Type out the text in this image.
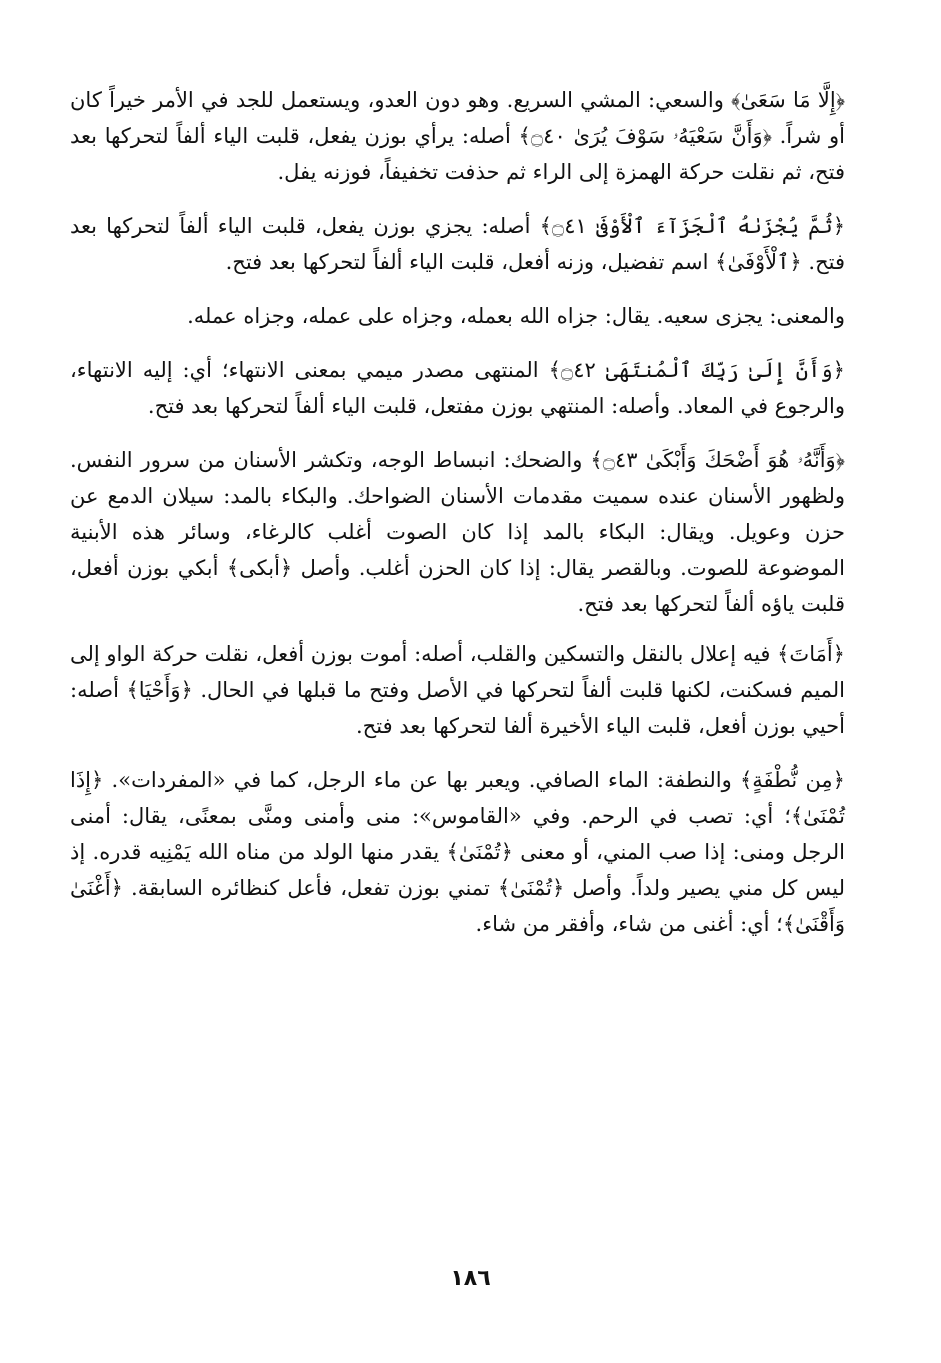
﴿إِلَّا مَا سَعَىٰ﴾ والسعي: المشي السريع. وهو دون العدو، ويستعمل للجد في الأمر خيراً كان أو شراً. ﴿وَأَنَّ سَعْيَهُۥ سَوْفَ يُرَىٰ ۝٤٠﴾ أصله: يرأي بوزن يفعل، قلبت الياء ألفاً لتحركها بعد فتح، ثم نقلت حركة الهمزة إلى الراء ثم حذفت تخفيفاً، فوزنه يفل.

﴿ثُمَّ يُجْزَىٰهُ ٱلْجَزَآءَ ٱلْأَوْفَىٰ ۝٤١﴾ أصله: يجزي بوزن يفعل، قلبت الياء ألفاً لتحركها بعد فتح. ﴿ٱلْأَوْفَىٰ﴾ اسم تفضيل، وزنه أفعل، قلبت الياء ألفاً لتحركها بعد فتح.

والمعنى: يجزى سعيه. يقال: جزاه الله بعمله، وجزاه على عمله، وجزاه عمله.

﴿وَأَنَّ إِلَىٰ رَبِّكَ ٱلْمُنتَهَىٰ ۝٤٢﴾ المنتهى مصدر ميمي بمعنى الانتهاء؛ أي: إليه الانتهاء، والرجوع في المعاد. وأصله: المنتهي بوزن مفتعل، قلبت الياء ألفاً لتحركها بعد فتح.

﴿وَأَنَّهُۥ هُوَ أَضْحَكَ وَأَبْكَىٰ ۝٤٣﴾ والضحك: انبساط الوجه، وتكشر الأسنان من سرور النفس. ولظهور الأسنان عنده سميت مقدمات الأسنان الضواحك. والبكاء بالمد: سيلان الدمع عن حزن وعويل. ويقال: البكاء بالمد إذا كان الصوت أغلب كالرغاء، وسائر هذه الأبنية الموضوعة للصوت. وبالقصر يقال: إذا كان الحزن أغلب. وأصل ﴿أبكى﴾ أبكي بوزن أفعل، قلبت ياؤه ألفاً لتحركها بعد فتح.

﴿أَمَاتَ﴾ فيه إعلال بالنقل والتسكين والقلب، أصله: أموت بوزن أفعل، نقلت حركة الواو إلى الميم فسكنت، لكنها قلبت ألفاً لتحركها في الأصل وفتح ما قبلها في الحال. ﴿وَأَحْيَا﴾ أصله: أحيي بوزن أفعل، قلبت الياء الأخيرة ألفا لتحركها بعد فتح.

﴿مِن نُّطْفَةٍ﴾ والنطفة: الماء الصافي. ويعبر بها عن ماء الرجل، كما في «المفردات». ﴿إِذَا تُمْنَىٰ﴾؛ أي: تصب في الرحم. وفي «القاموس»: منى وأمنى ومنَّى بمعنًى، يقال: أمنى الرجل ومنى: إذا صب المني، أو معنى ﴿تُمْنَىٰ﴾ يقدر منها الولد من مناه الله يَمْنِيه قدره. إذ ليس كل مني يصير ولداً. وأصل ﴿تُمْنَىٰ﴾ تمني بوزن تفعل، فأعل كنظائره السابقة. ﴿أَغْنَىٰ وَأَقْنَىٰ﴾؛ أي: أغنى من شاء، وأفقر من شاء.

١٨٦
